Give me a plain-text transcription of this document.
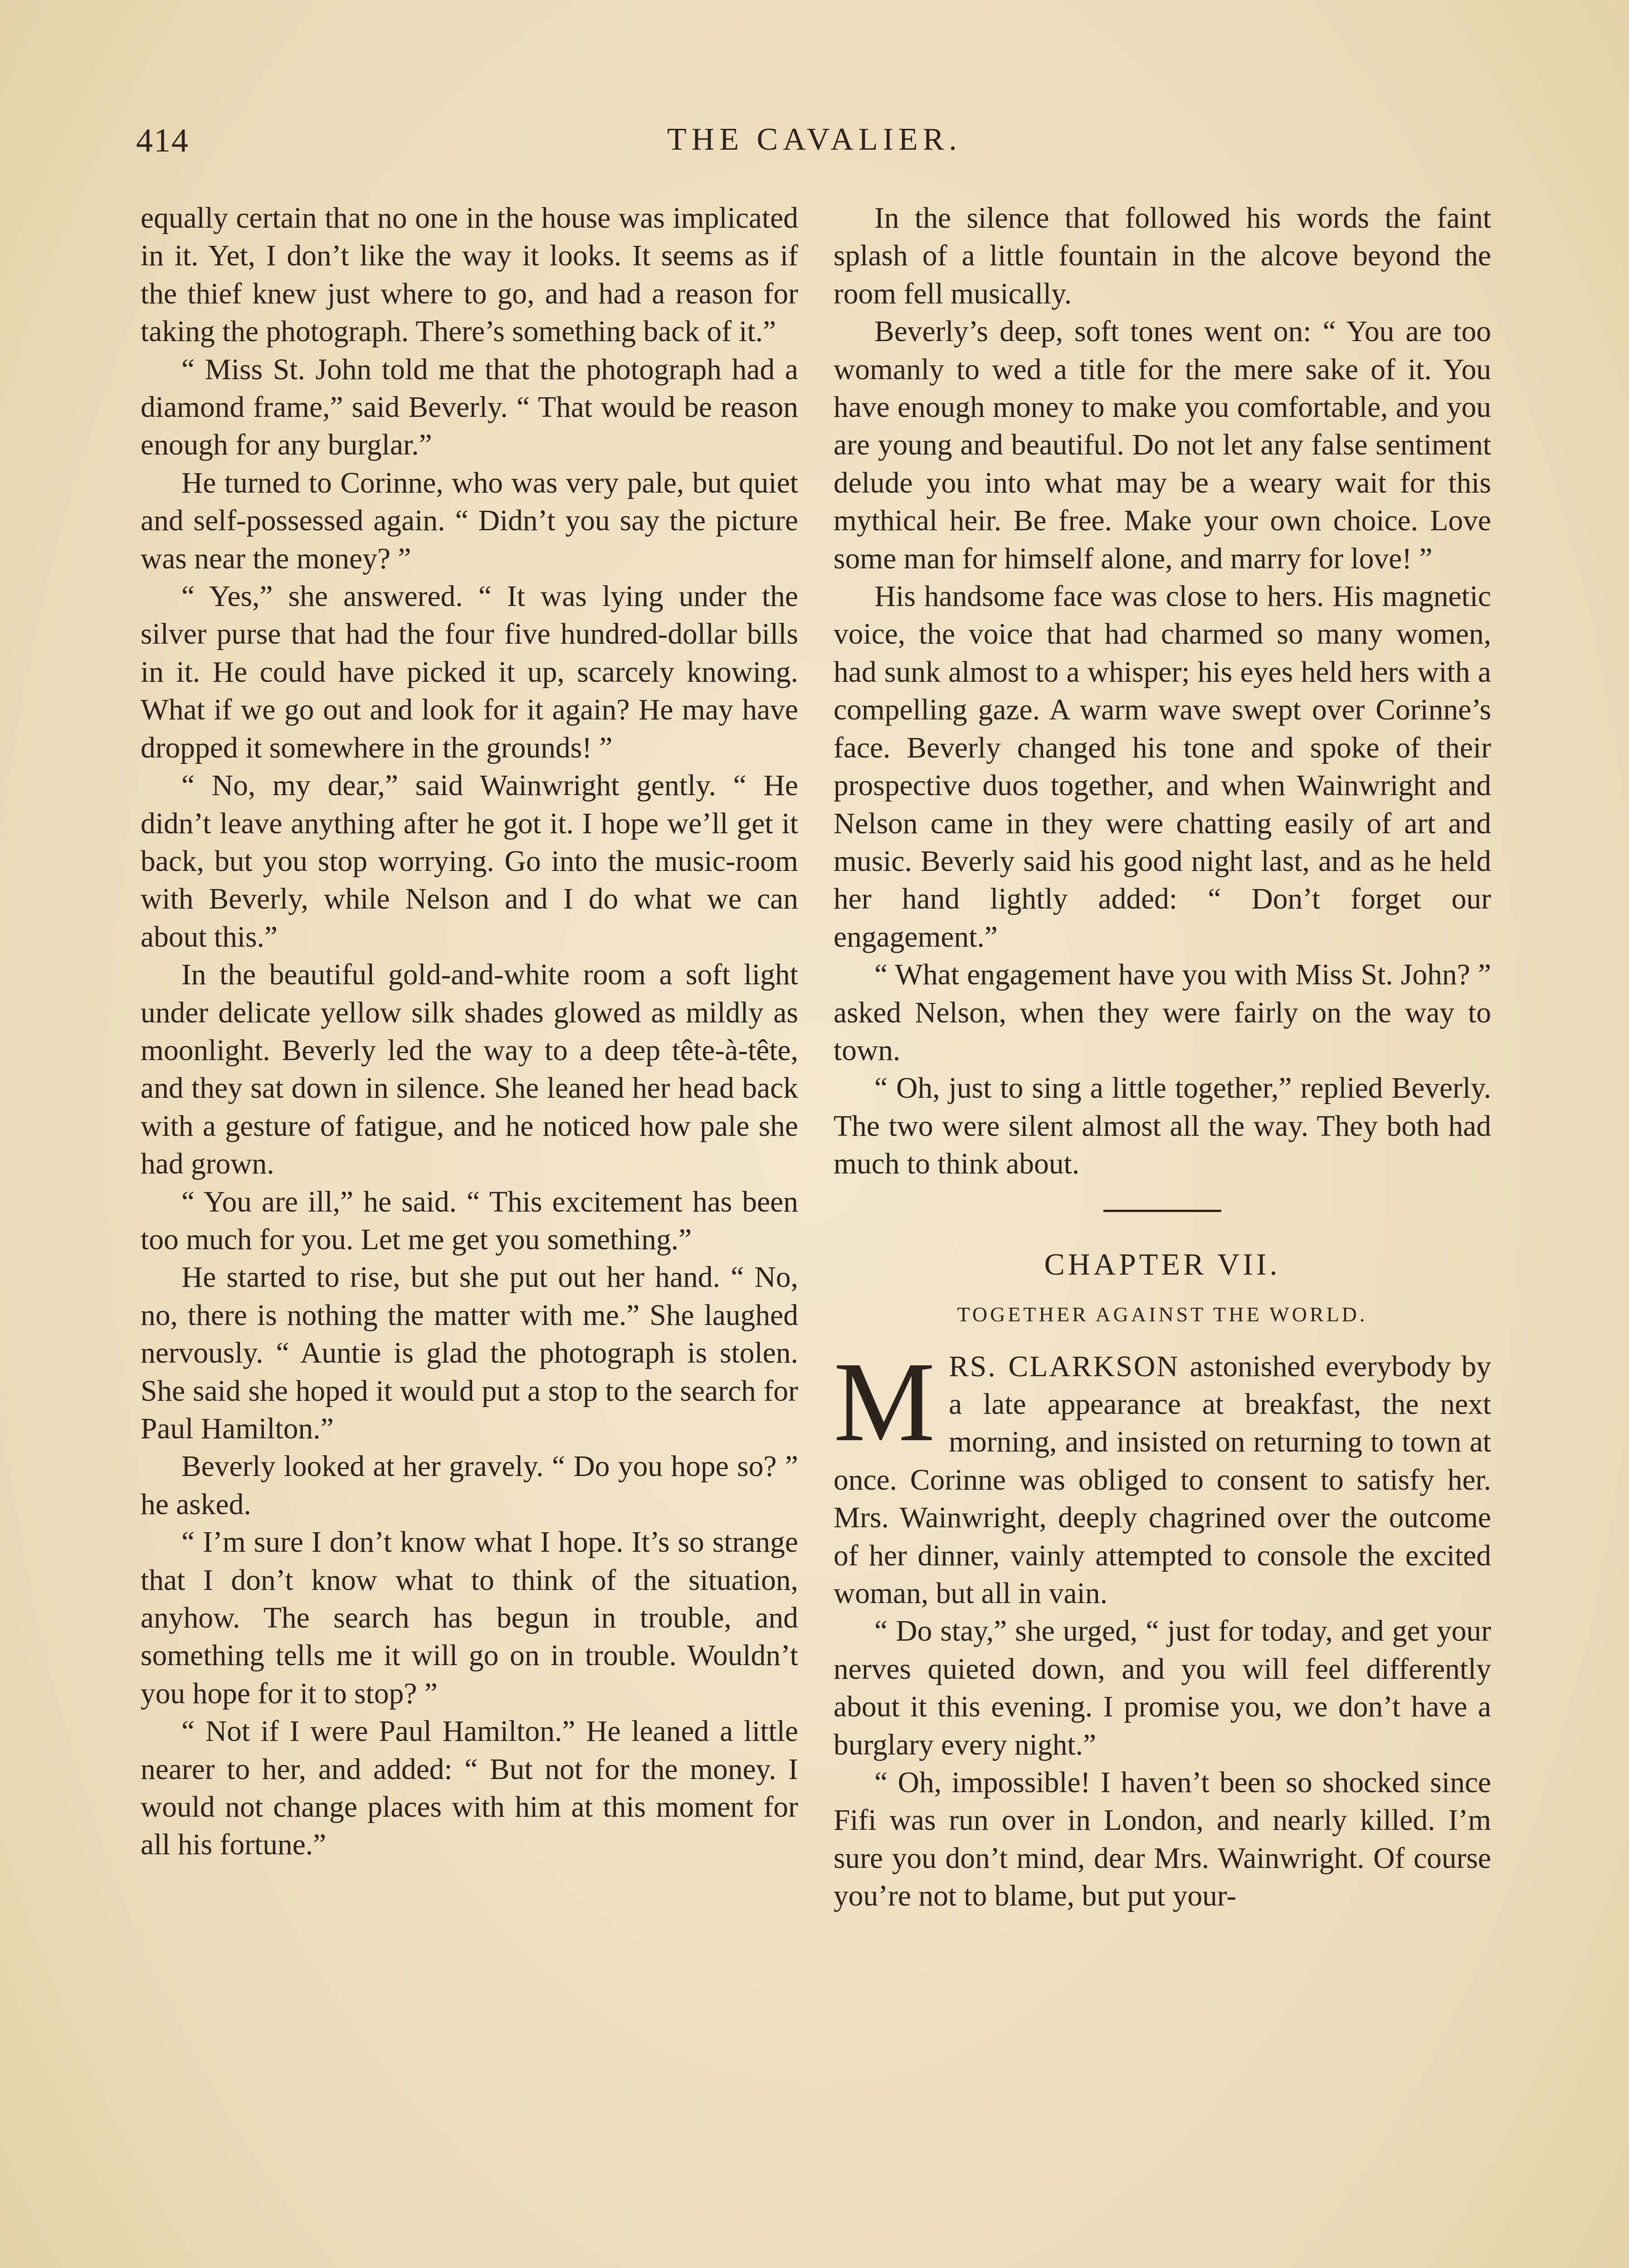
414	THE CAVALIER.

equally certain that no one in the house was implicated in it. Yet, I don’t like the way it looks. It seems as if the thief knew just where to go, and had a reason for taking the photograph. There’s something back of it.”

“ Miss St. John told me that the photograph had a diamond frame,” said Beverly. “ That would be reason enough for any burglar.”

He turned to Corinne, who was very pale, but quiet and self-possessed again. “ Didn’t you say the picture was near the money? ”

“ Yes,” she answered. “ It was lying under the silver purse that had the four five hundred-dollar bills in it. He could have picked it up, scarcely knowing. What if we go out and look for it again? He may have dropped it somewhere in the grounds! ”

“ No, my dear,” said Wainwright gently. “ He didn’t leave anything after he got it. I hope we’ll get it back, but you stop worrying. Go into the music-room with Beverly, while Nelson and I do what we can about this.”

In the beautiful gold-and-white room a soft light under delicate yellow silk shades glowed as mildly as moonlight. Beverly led the way to a deep tête-à-tête, and they sat down in silence. She leaned her head back with a gesture of fatigue, and he noticed how pale she had grown.

“ You are ill,” he said. “ This excitement has been too much for you. Let me get you something.”

He started to rise, but she put out her hand. “ No, no, there is nothing the matter with me.” She laughed nervously. “ Auntie is glad the photograph is stolen. She said she hoped it would put a stop to the search for Paul Hamilton.”

Beverly looked at her gravely. “ Do you hope so? ” he asked.

“ I’m sure I don’t know what I hope. It’s so strange that I don’t know what to think of the situation, anyhow. The search has begun in trouble, and something tells me it will go on in trouble. Wouldn’t you hope for it to stop? ”

“ Not if I were Paul Hamilton.” He leaned a little nearer to her, and added: “ But not for the money. I would not change places with him at this moment for all his fortune.”

In the silence that followed his words the faint splash of a little fountain in the alcove beyond the room fell musically.

Beverly’s deep, soft tones went on: “ You are too womanly to wed a title for the mere sake of it. You have enough money to make you comfortable, and you are young and beautiful. Do not let any false sentiment delude you into what may be a weary wait for this mythical heir. Be free. Make your own choice. Love some man for himself alone, and marry for love! ”

His handsome face was close to hers. His magnetic voice, the voice that had charmed so many women, had sunk almost to a whisper; his eyes held hers with a compelling gaze. A warm wave swept over Corinne’s face. Beverly changed his tone and spoke of their prospective duos together, and when Wainwright and Nelson came in they were chatting easily of art and music. Beverly said his good night last, and as he held her hand lightly added: “ Don’t forget our engagement.”

“ What engagement have you with Miss St. John? ” asked Nelson, when they were fairly on the way to town.

“ Oh, just to sing a little together,” replied Beverly. The two were silent almost all the way. They both had much to think about.

CHAPTER VII.
TOGETHER AGAINST THE WORLD.

MRS. CLARKSON astonished everybody by a late appearance at breakfast, the next morning, and insisted on returning to town at once. Corinne was obliged to consent to satisfy her. Mrs. Wainwright, deeply chagrined over the outcome of her dinner, vainly attempted to console the excited woman, but all in vain.

“ Do stay,” she urged, “ just for today, and get your nerves quieted down, and you will feel differently about it this evening. I promise you, we don’t have a burglary every night.”

“ Oh, impossible! I haven’t been so shocked since Fifi was run over in London, and nearly killed. I’m sure you don’t mind, dear Mrs. Wainwright. Of course you’re not to blame, but put your-
